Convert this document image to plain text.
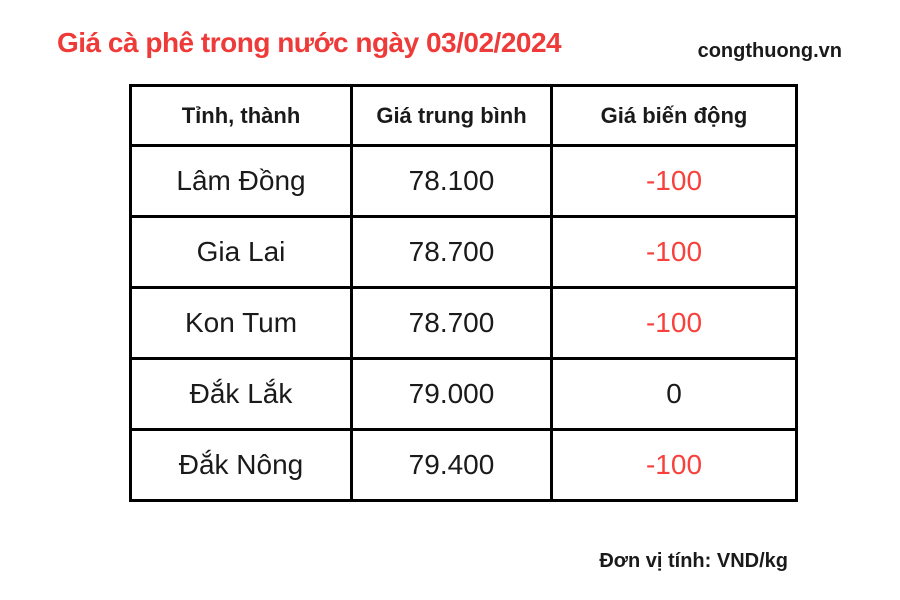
Giá cà phê trong nước ngày 03/02/2024	congthuong.vn
Tỉnh, thành	Giá trung bình	Giá biến động
Lâm Đồng	78.100	-100
Gia Lai	78.700	-100
Kon Tum	78.700	-100
Đắk Lắk	79.000	0
Đắk Nông	79.400	-100
Đơn vị tính: VND/kg
